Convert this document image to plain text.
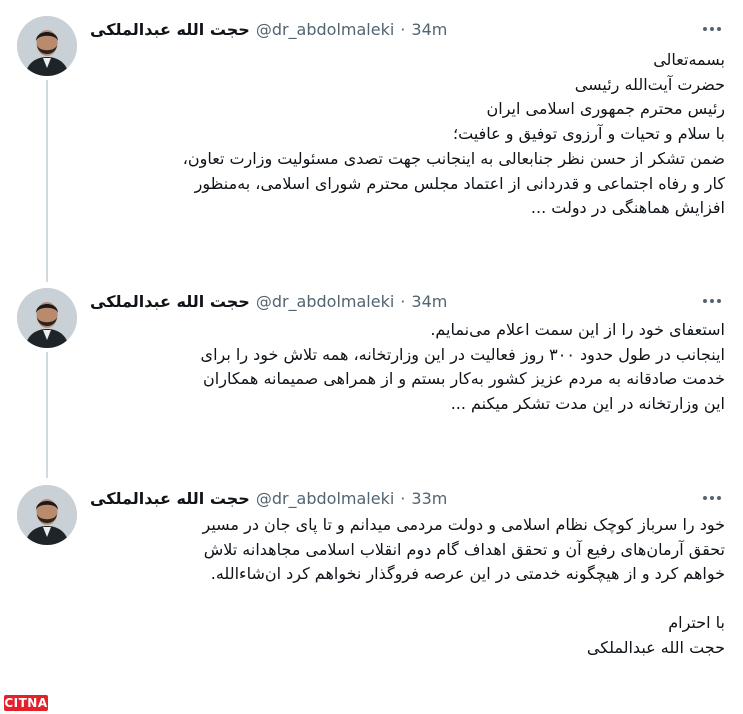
حجت الله عبدالملکی @dr_abdolmaleki · 34m

بسمه‌تعالی

حضرت آیت‌الله رئیسی

رئیس محترم جمهوری اسلامی ایران

با سلام و تحیات و آرزوی توفیق و عافیت؛

ضمن تشکر از حسن نظر جنابعالی به اینجانب جهت تصدی مسئولیت وزارت تعاون،

کار و رفاه اجتماعی و قدردانی از اعتماد مجلس محترم شورای اسلامی، به‌منظور

افزایش هماهنگی در دولت ...

حجت الله عبدالملکی @dr_abdolmaleki · 34m

استعفای خود را از این سمت اعلام می‌نمایم.

اینجانب در طول حدود ۳۰۰ روز فعالیت در این وزارتخانه، همه تلاش خود را برای

خدمت صادقانه به مردم عزیز کشور به‌کار بستم و از همراهی صمیمانه همکاران

این وزارتخانه در این مدت تشکر میکنم ...

حجت الله عبدالملکی @dr_abdolmaleki · 33m

خود را سرباز کوچک نظام اسلامی و دولت مردمی میدانم و تا پای جان در مسیر

تحقق آرمان‌های رفیع آن و تحقق اهداف گام دوم انقلاب اسلامی مجاهدانه تلاش

خواهم کرد و از هیچگونه خدمتی در این عرصه فروگذار نخواهم کرد ان‌شاءالله.

با احترام

حجت الله عبدالملکی

CITNA
